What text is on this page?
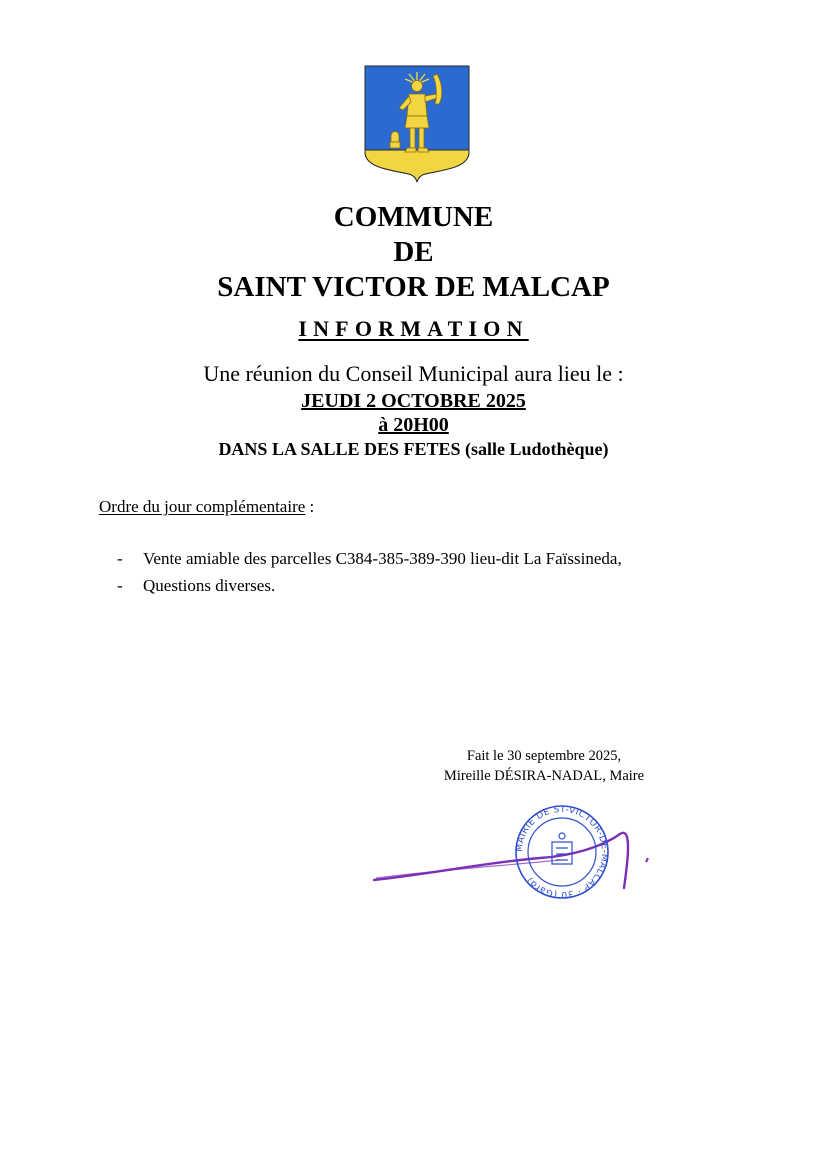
COMMUNE
DE
SAINT VICTOR DE MALCAP
INFORMATION
Une réunion du Conseil Municipal aura lieu le :
JEUDI 2 OCTOBRE 2025
à 20H00
DANS LA SALLE DES FETES (salle Ludothèque)
Ordre du jour complémentaire :
- Vente amiable des parcelles C384-385-389-390 lieu-dit La Faïssineda,
- Questions diverses.
Fait le 30 septembre 2025,
Mireille DÉSIRA-NADAL, Maire
MAIRIE DE ST-VICTOR-DE-MALCAP · 30 (Gard)
